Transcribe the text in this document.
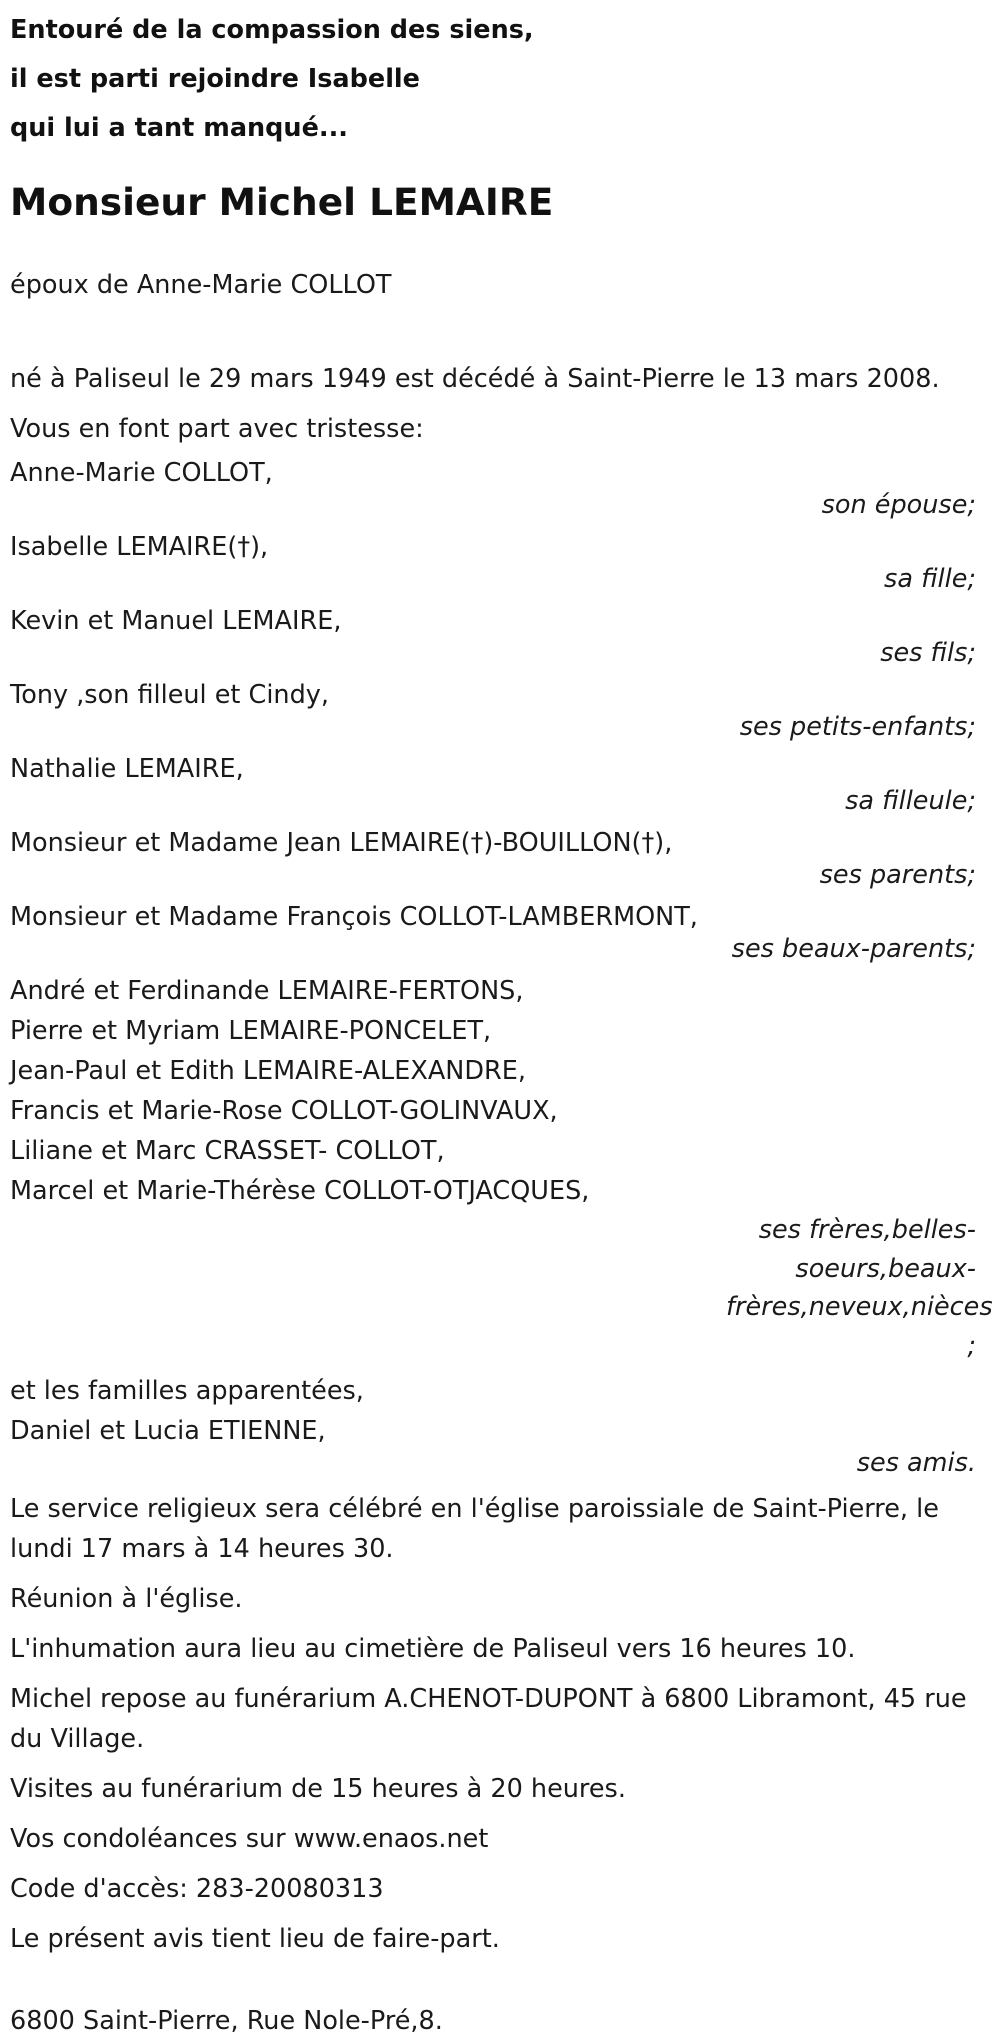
Entouré de la compassion des siens,

il est parti rejoindre Isabelle

qui lui a tant manqué...

Monsieur Michel LEMAIRE

époux de Anne-Marie COLLOT

né à Paliseul le 29 mars 1949 est décédé à Saint-Pierre le 13 mars 2008.

Vous en font part avec tristesse:

Anne-Marie COLLOT,
son épouse;
Isabelle LEMAIRE(†),
sa fille;
Kevin et Manuel LEMAIRE,
ses fils;
Tony ,son filleul et Cindy,
ses petits-enfants;
Nathalie LEMAIRE,
sa filleule;
Monsieur et Madame Jean LEMAIRE(†)-BOUILLON(†),
ses parents;
Monsieur et Madame François COLLOT-LAMBERMONT,
ses beaux-parents;

André et Ferdinande LEMAIRE-FERTONS,

Pierre et Myriam LEMAIRE-PONCELET,

Jean-Paul et Edith LEMAIRE-ALEXANDRE,

Francis et Marie-Rose COLLOT-GOLINVAUX,

Liliane et Marc CRASSET- COLLOT,

Marcel et Marie-Thérèse COLLOT-OTJACQUES,

ses frères,belles-soeurs,beaux-frères,neveux,nièces ;

et les familles apparentées,

Daniel et Lucia ETIENNE,

ses amis.

Le service religieux sera célébré en l'église paroissiale de Saint-Pierre, le lundi 17 mars à 14 heures 30.

Réunion à l'église.

L'inhumation aura lieu au cimetière de Paliseul vers 16 heures 10.

Michel repose au funérarium A.CHENOT-DUPONT à 6800 Libramont, 45 rue du Village.

Visites au funérarium de 15 heures à 20 heures.

Vos condoléances sur www.enaos.net

Code d'accès: 283-20080313

Le présent avis tient lieu de faire-part.

6800 Saint-Pierre, Rue Nole-Pré,8.
